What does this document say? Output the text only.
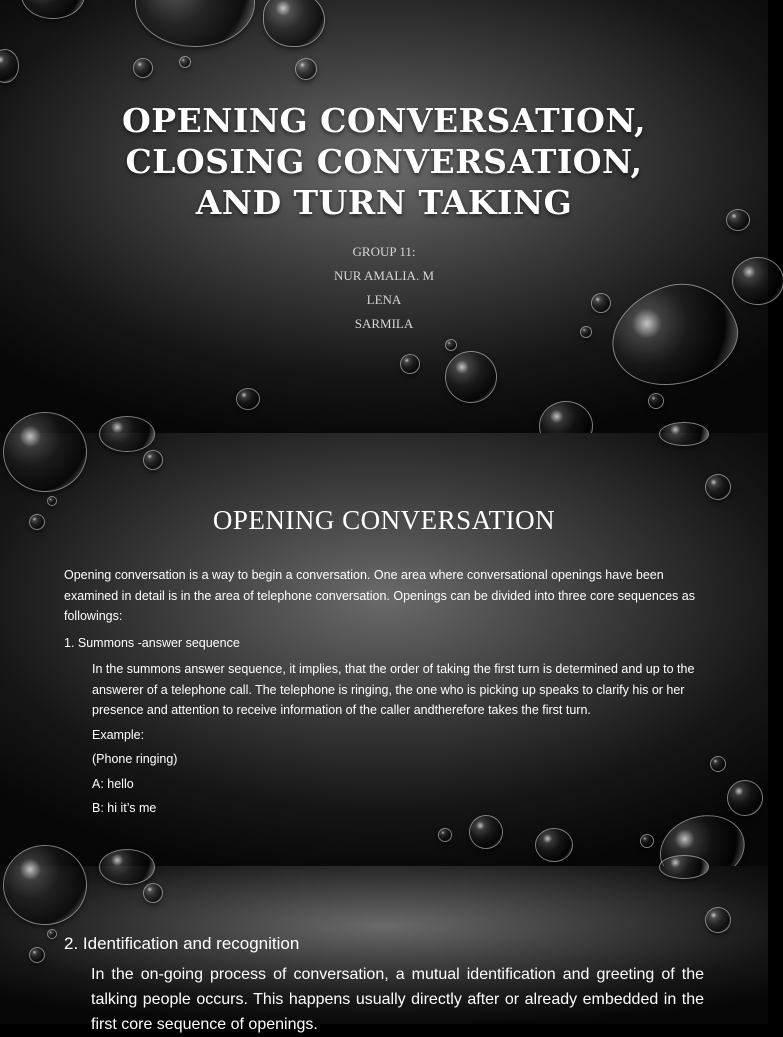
OPENING CONVERSATION,
CLOSING CONVERSATION,
AND TURN TAKING
GROUP 11:
NUR AMALIA. M
LENA
SARMILA
OPENING CONVERSATION

Opening conversation is a way to begin a conversation. One area where conversational openings have been examined in detail is in the area of telephone conversation. Openings can be divided into three core sequences as followings:

1. Summons -answer sequence

In the summons answer sequence, it implies, that the order of taking the first turn is determined and up to the answerer of a telephone call. The telephone is ringing, the one who is picking up speaks to clarify his or her presence and attention to receive information of the caller andtherefore takes the first turn.

Example:

(Phone ringing)

A: hello

B: hi it’s me

2. Identification and recognition

In the on-going process of conversation, a mutual identification and greeting of the talking people occurs. This happens usually directly after or already embedded in the first core sequence of openings.
